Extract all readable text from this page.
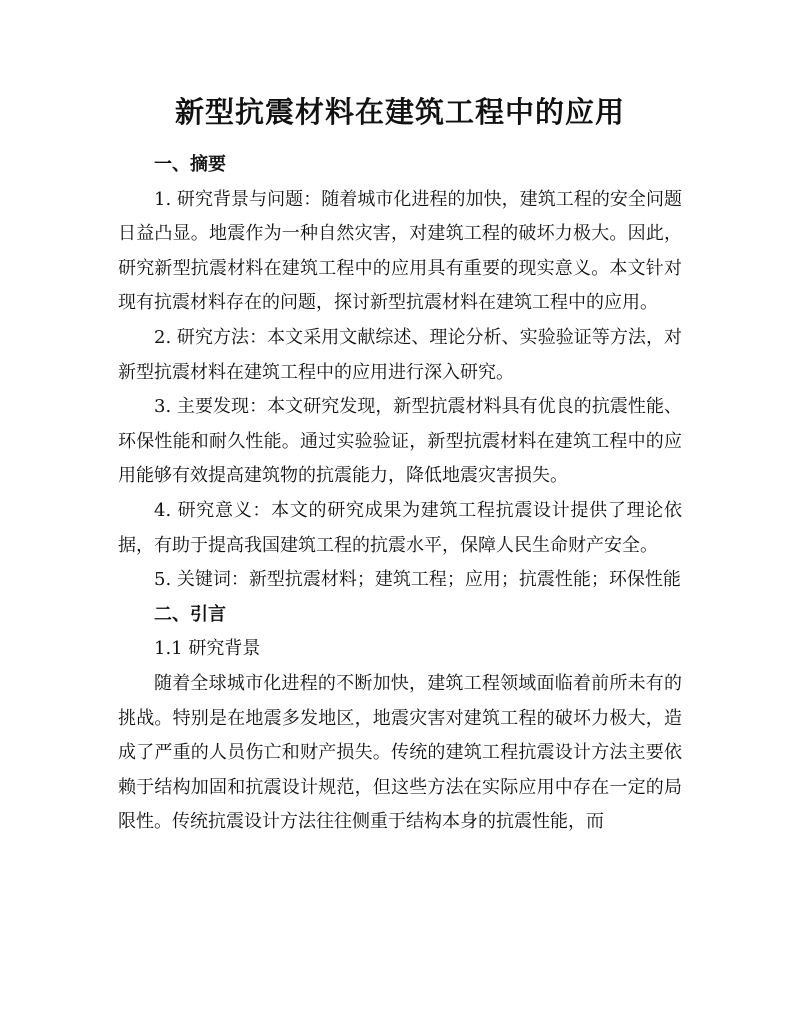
新型抗震材料在建筑工程中的应用

一、摘要

1. 研究背景与问题：随着城市化进程的加快，建筑工程的安全问题日益凸显。地震作为一种自然灾害，对建筑工程的破坏力极大。因此，研究新型抗震材料在建筑工程中的应用具有重要的现实意义。本文针对现有抗震材料存在的问题，探讨新型抗震材料在建筑工程中的应用。

2. 研究方法：本文采用文献综述、理论分析、实验验证等方法，对新型抗震材料在建筑工程中的应用进行深入研究。

3. 主要发现：本文研究发现，新型抗震材料具有优良的抗震性能、环保性能和耐久性能。通过实验验证，新型抗震材料在建筑工程中的应用能够有效提高建筑物的抗震能力，降低地震灾害损失。

4. 研究意义：本文的研究成果为建筑工程抗震设计提供了理论依据，有助于提高我国建筑工程的抗震水平，保障人民生命财产安全。

5. 关键词：新型抗震材料；建筑工程；应用；抗震性能；环保性能

二、引言

1.1 研究背景

随着全球城市化进程的不断加快，建筑工程领域面临着前所未有的挑战。特别是在地震多发地区，地震灾害对建筑工程的破坏力极大，造成了严重的人员伤亡和财产损失。传统的建筑工程抗震设计方法主要依赖于结构加固和抗震设计规范，但这些方法在实际应用中存在一定的局限性。传统抗震设计方法往往侧重于结构本身的抗震性能，而
